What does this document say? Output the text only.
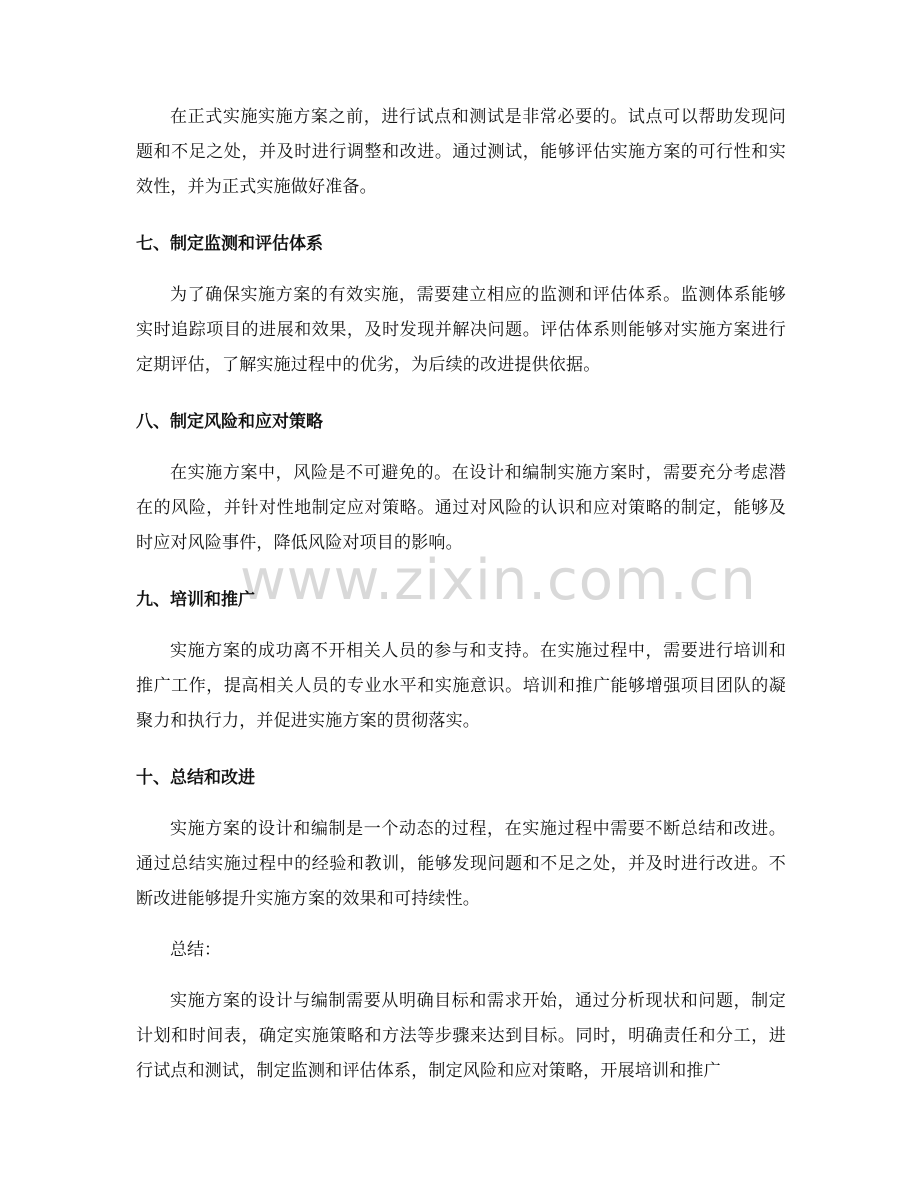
www.zixin.com.cn

在正式实施实施方案之前，进行试点和测试是非常必要的。试点可以帮助发现问题和不足之处，并及时进行调整和改进。通过测试，能够评估实施方案的可行性和实效性，并为正式实施做好准备。

七、制定监测和评估体系

为了确保实施方案的有效实施，需要建立相应的监测和评估体系。监测体系能够实时追踪项目的进展和效果，及时发现并解决问题。评估体系则能够对实施方案进行定期评估，了解实施过程中的优劣，为后续的改进提供依据。

八、制定风险和应对策略

在实施方案中，风险是不可避免的。在设计和编制实施方案时，需要充分考虑潜在的风险，并针对性地制定应对策略。通过对风险的认识和应对策略的制定，能够及时应对风险事件，降低风险对项目的影响。

九、培训和推广

实施方案的成功离不开相关人员的参与和支持。在实施过程中，需要进行培训和推广工作，提高相关人员的专业水平和实施意识。培训和推广能够增强项目团队的凝聚力和执行力，并促进实施方案的贯彻落实。

十、总结和改进

实施方案的设计和编制是一个动态的过程，在实施过程中需要不断总结和改进。通过总结实施过程中的经验和教训，能够发现问题和不足之处，并及时进行改进。不断改进能够提升实施方案的效果和可持续性。

总结：

实施方案的设计与编制需要从明确目标和需求开始，通过分析现状和问题，制定计划和时间表，确定实施策略和方法等步骤来达到目标。同时，明确责任和分工，进行试点和测试，制定监测和评估体系，制定风险和应对策略，开展培训和推广
